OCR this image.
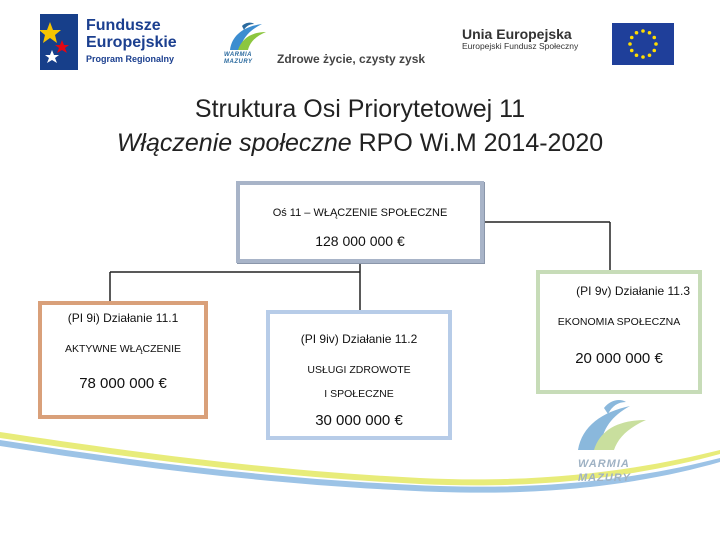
Fundusze
Europejskie
Program Regionalny	WARMIA
MAZURY Zdrowe życie, czysty zysk
Unia Europejska
Europejski Fundusz Społeczny
Struktura Osi Priorytetowej 11
Włączenie społeczne RPO Wi.M 2014-2020
Oś 11 – WŁĄCZENIE SPOŁECZNE
128 000 000 €
(PI 9i) Działanie 11.1
AKTYWNE WŁĄCZENIE
78 000 000 €
(PI 9iv) Działanie 11.2
USŁUGI ZDROWOTE
I SPOŁECZNE
30 000 000 €
(PI 9v) Działanie 11.3
EKONOMIA SPOŁECZNA
20 000 000 €
WARMIA
MAZURY
